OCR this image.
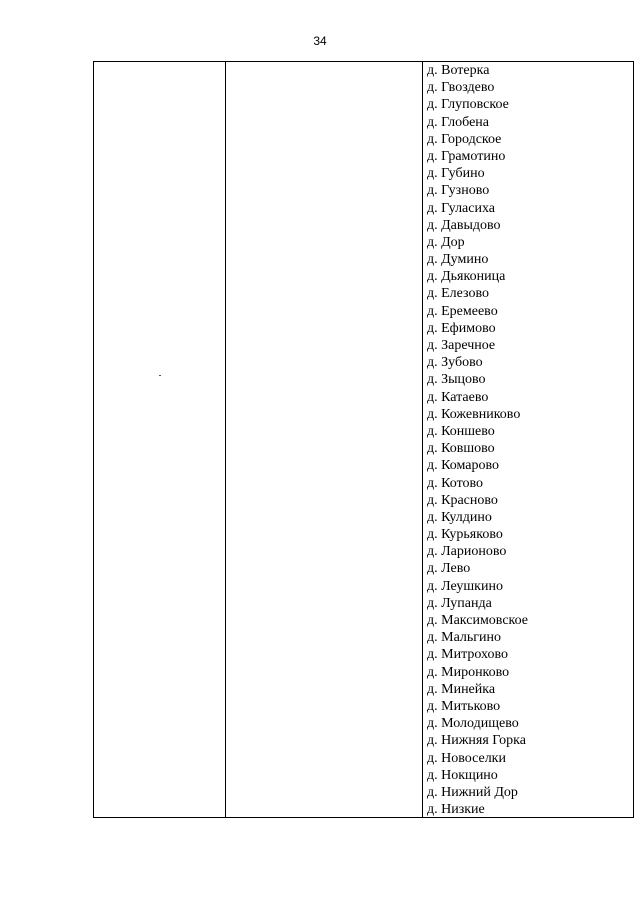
34
д. Вотерка
д. Гвоздево
д. Глуповское
д. Глобена
д. Городское
д. Грамотино
д. Губино
д. Гузново
д. Гуласиха
д. Давыдово
д. Дор
д. Думино
д. Дьяконица
д. Елезово
д. Еремеево
д. Ефимово
д. Заречное
д. Зубово
д. Зыцово
д. Катаево
д. Кожевниково
д. Коншево
д. Ковшово
д. Комарово
д. Котово
д. Красново
д. Кулдино
д. Курьяково
д. Ларионово
д. Лево
д. Леушкино
д. Лупанда
д. Максимовское
д. Мальгино
д. Митрохово
д. Миронково
д. Минейка
д. Митьково
д. Молодищево
д. Нижняя Горка
д. Новоселки
д. Нокщино
д. Нижний Дор
д. Низкие
